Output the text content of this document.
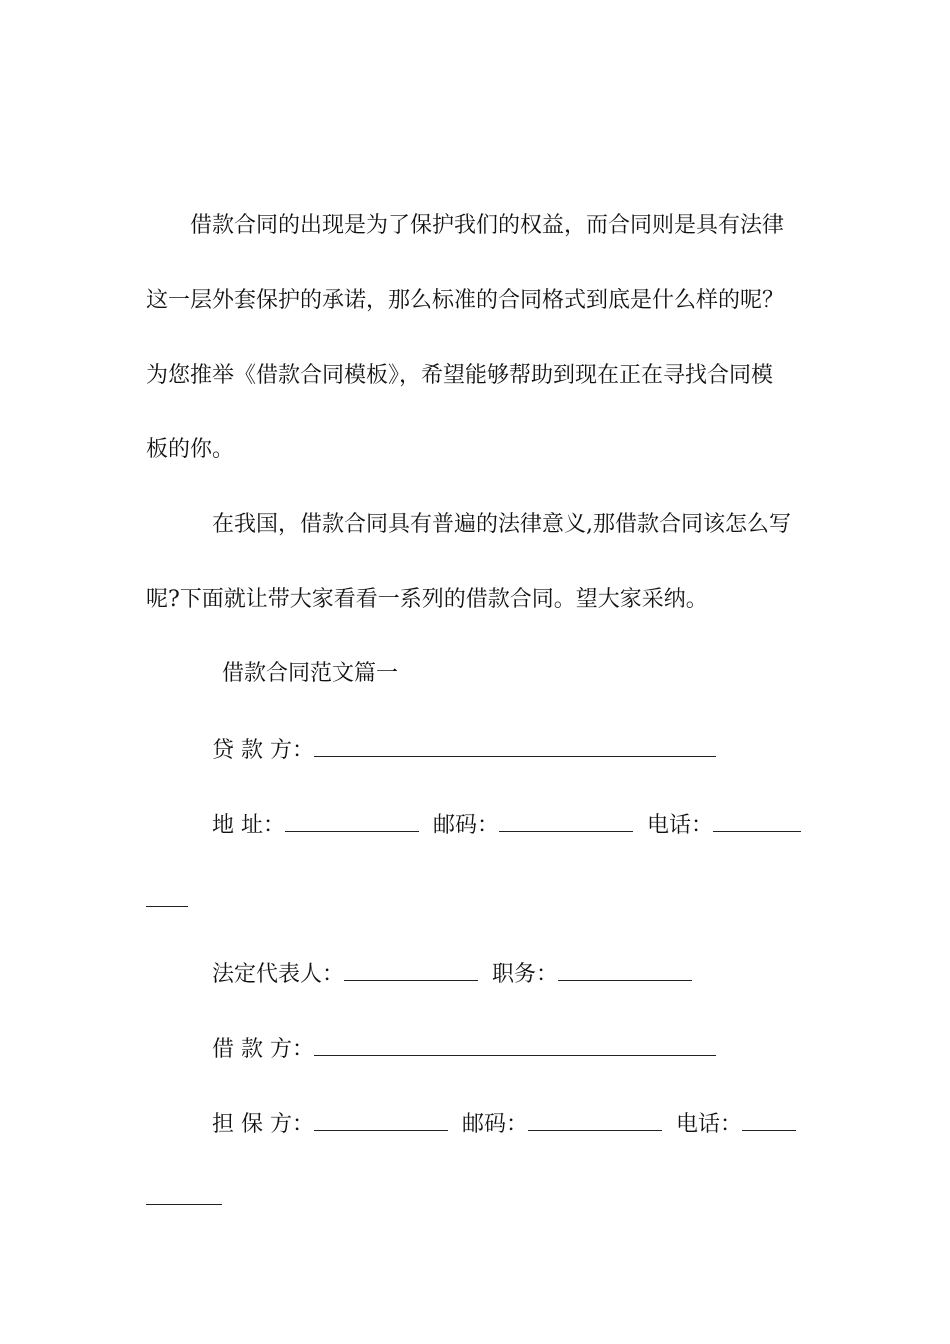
借款合同的出现是为了保护我们的权益，而合同则是具有法律
这一层外套保护的承诺，那么标准的合同格式到底是什么样的呢？
为您推举《借款合同模板》，希望能够帮助到现在正在寻找合同模
板的你。
在我国，借款合同具有普遍的法律意义,那借款合同该怎么写
呢?下面就让带大家看看一系列的借款合同。望大家采纳。
借款合同范文篇一
贷 款 方：
地 址：	邮码：	电话：
法定代表人：	职务：
借 款 方：
担 保 方：	邮码：	电话：
